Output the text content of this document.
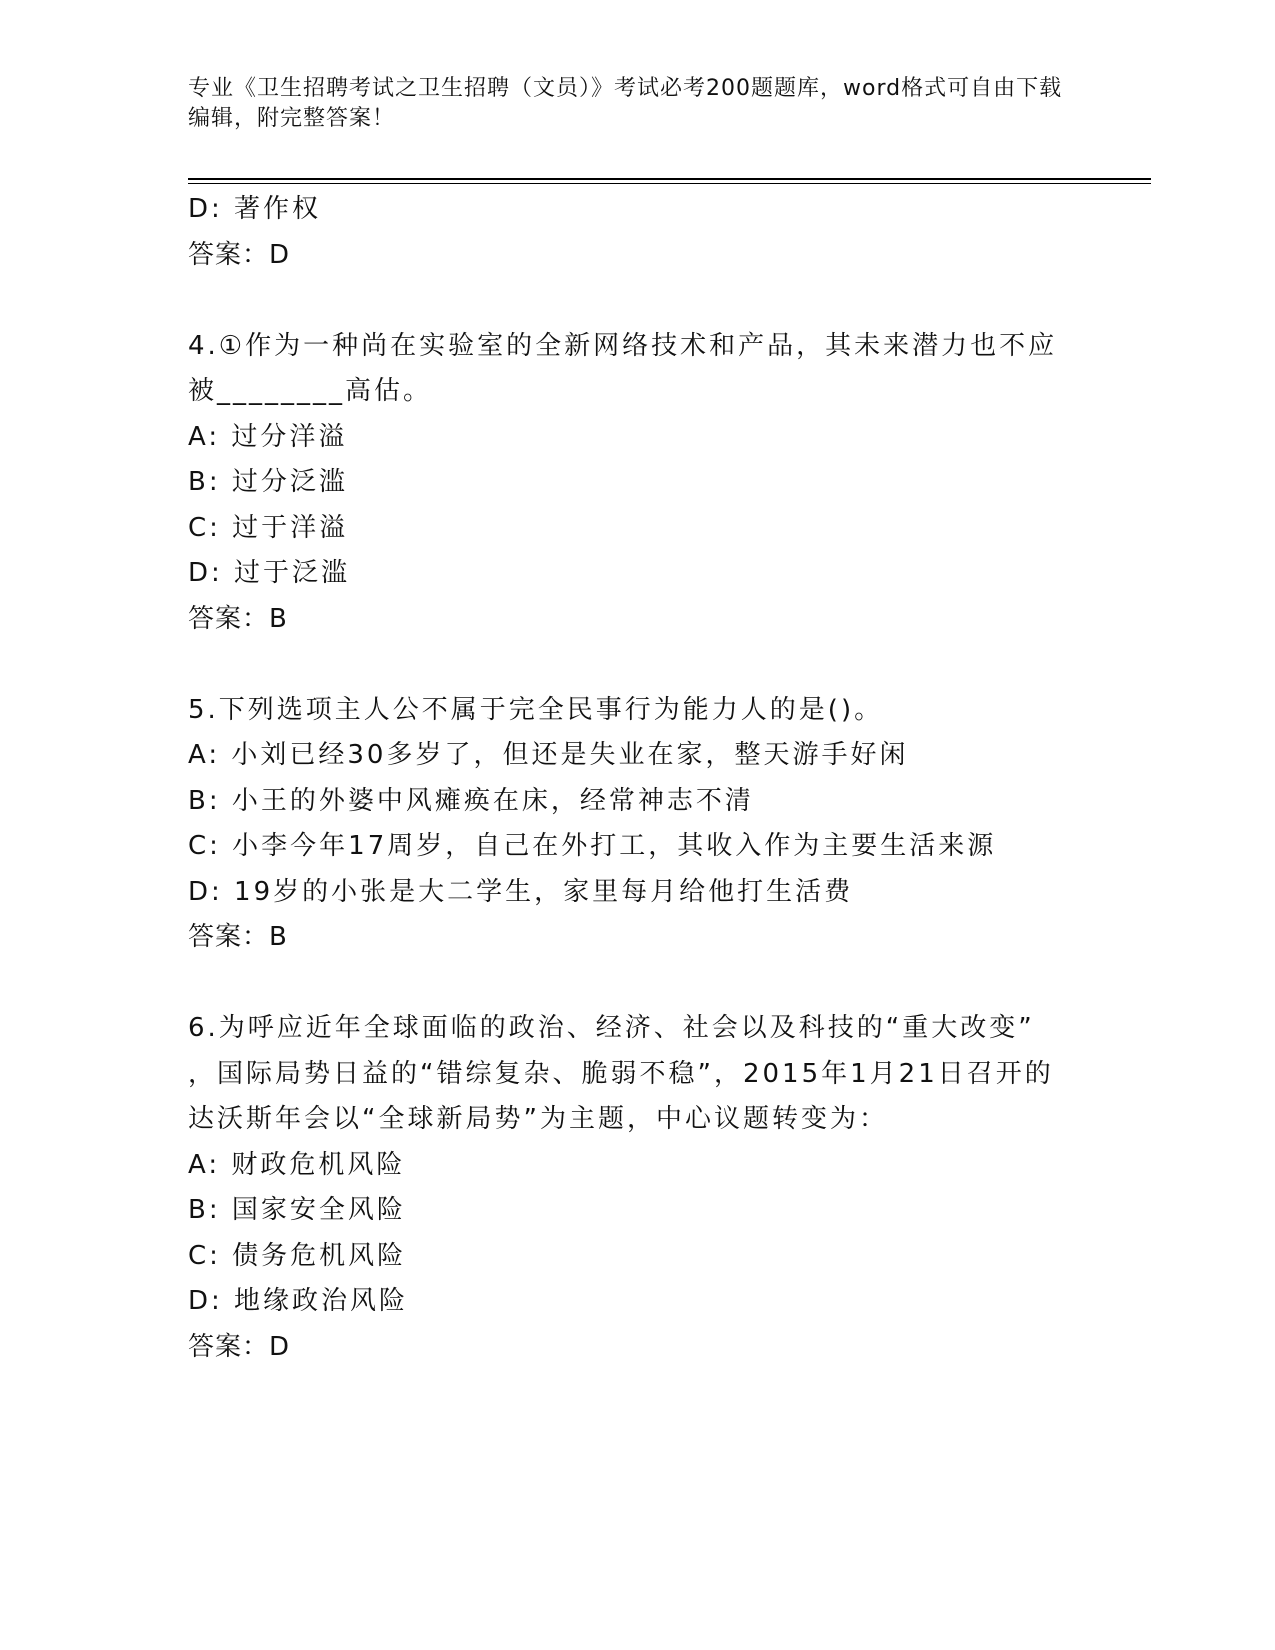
专业《卫生招聘考试之卫生招聘（文员）》考试必考200题题库，word格式可自由下载编辑，附完整答案！
D: 著作权
答案：D
4.①作为一种尚在实验室的全新网络技术和产品，其未来潜力也不应
被________高估。
A: 过分洋溢
B: 过分泛滥
C: 过于洋溢
D: 过于泛滥
答案：B
5.下列选项主人公不属于完全民事行为能力人的是()。
A: 小刘已经30多岁了，但还是失业在家，整天游手好闲
B: 小王的外婆中风瘫痪在床，经常神志不清
C: 小李今年17周岁，自己在外打工，其收入作为主要生活来源
D: 19岁的小张是大二学生，家里每月给他打生活费
答案：B
6.为呼应近年全球面临的政治、经济、社会以及科技的“重大改变”
，国际局势日益的“错综复杂、脆弱不稳”，2015年1月21日召开的
达沃斯年会以“全球新局势”为主题，中心议题转变为：
A: 财政危机风险
B: 国家安全风险
C: 债务危机风险
D: 地缘政治风险
答案：D
